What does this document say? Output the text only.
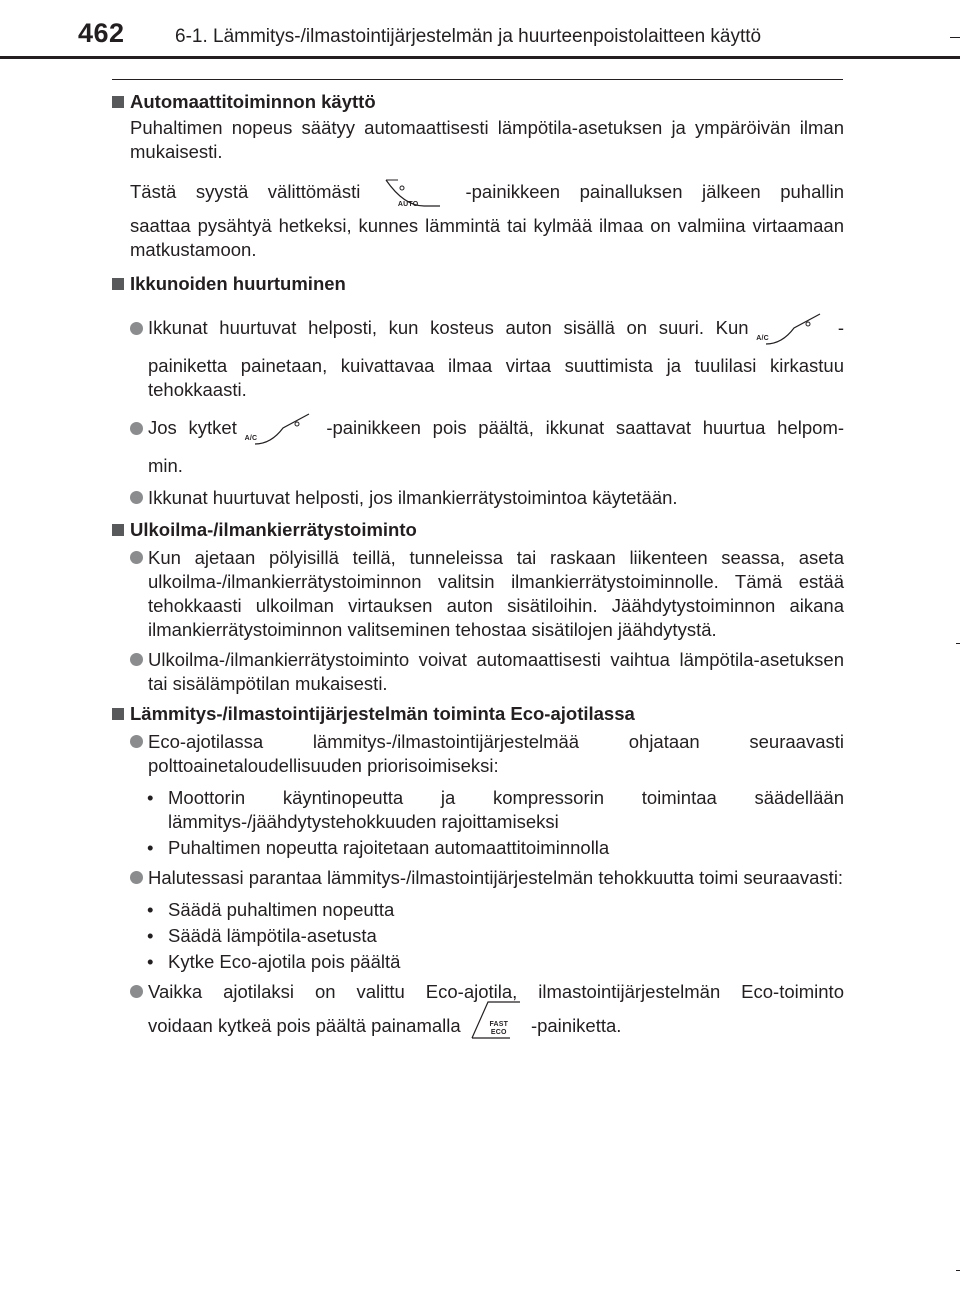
462	6-1. Lämmitys-/ilmastointijärjestelmän ja huurteenpoistolaitteen käyttö
Automaattitoiminnon käyttö
Puhaltimen nopeus säätyy automaattisesti lämpötila-asetuksen ja ympäröivän ilman mukaisesti.
Tästä syystä välittömästi
AUTO
-painikkeen painalluksen jälkeen puhallin
saattaa pysähtyä hetkeksi, kunnes lämmintä tai kylmää ilmaa on valmiina virtaamaan matkustamoon.
Ikkunoiden huurtuminen
Ikkunat huurtuvat helposti, kun kosteus auton sisällä on suuri. Kun
A/C
-
painiketta painetaan, kuivattavaa ilmaa virtaa suuttimista ja tuulilasi kirkastuu tehokkaasti.
Jos kytket
A/C
-painikkeen pois päältä, ikkunat saattavat huurtua helpom-
min.
Ikkunat huurtuvat helposti, jos ilmankierrätystoimintoa käytetään.
Ulkoilma-/ilmankierrätystoiminto
Kun ajetaan pölyisillä teillä, tunneleissa tai raskaan liikenteen seassa, aseta ulkoilma-/ilmankierrätystoiminnon valitsin ilmankierrätystoiminnolle. Tämä estää tehokkaasti ulkoilman virtauksen auton sisätiloihin. Jäähdytystoiminnon aikana ilmankierrätystoiminnon valitseminen tehostaa sisätilojen jäähdytystä.
Ulkoilma-/ilmankierrätystoiminto voivat automaattisesti vaihtua lämpötila-asetuksen tai sisälämpötilan mukaisesti.
Lämmitys-/ilmastointijärjestelmän toiminta Eco-ajotilassa
Eco-ajotilassa lämmitys-/ilmastointijärjestelmää ohjataan seuraavasti polttoainetaloudellisuuden priorisoimiseksi:
• Moottorin käyntinopeutta ja kompressorin toimintaa säädellään lämmitys-/jäähdytystehokkuuden rajoittamiseksi
• Puhaltimen nopeutta rajoitetaan automaattitoiminnolla
Halutessasi parantaa lämmitys-/ilmastointijärjestelmän tehokkuutta toimi seuraavasti:
• Säädä puhaltimen nopeutta
• Säädä lämpötila-asetusta
• Kytke Eco-ajotila pois päältä
Vaikka ajotilaksi on valittu Eco-ajotila, ilmastointijärjestelmän Eco-toiminto
voidaan kytkeä pois päältä painamalla	FAST
ECO	-painiketta.
